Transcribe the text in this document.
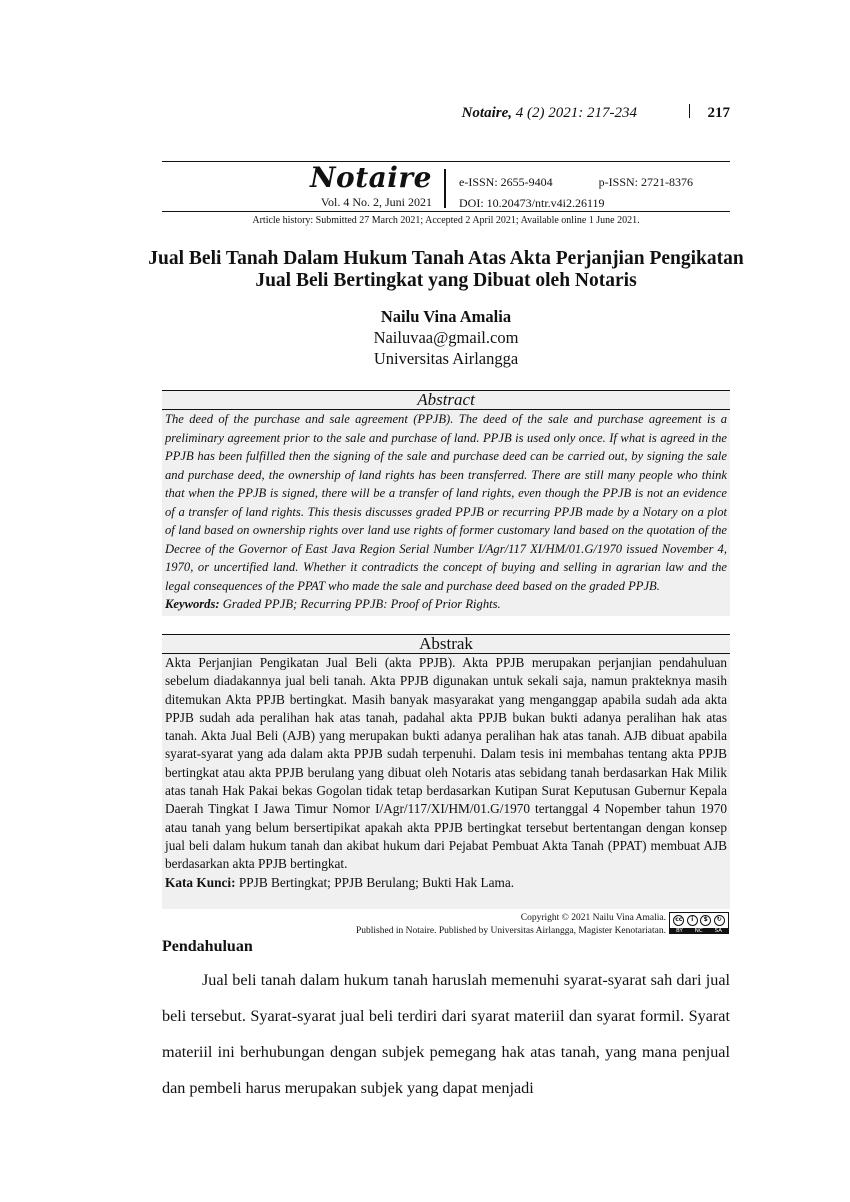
Notaire, 4 (2) 2021: 217-234	217
Notaire
Vol. 4 No. 2, Juni 2021
e-ISSN: 2655-9404	p-ISSN: 2721-8376
DOI: 10.20473/ntr.v4i2.26119
Article history: Submitted 27 March 2021; Accepted 2 April 2021; Available online 1 June 2021.
Jual Beli Tanah Dalam Hukum Tanah Atas Akta Perjanjian Pengikatan Jual Beli Bertingkat yang Dibuat oleh Notaris
Nailu Vina Amalia
Nailuvaa@gmail.com
Universitas Airlangga
Abstract
The deed of the purchase and sale agreement (PPJB). The deed of the sale and purchase agreement is a preliminary agreement prior to the sale and purchase of land. PPJB is used only once. If what is agreed in the PPJB has been fulfilled then the signing of the sale and purchase deed can be carried out, by signing the sale and purchase deed, the ownership of land rights has been transferred. There are still many people who think that when the PPJB is signed, there will be a transfer of land rights, even though the PPJB is not an evidence of a transfer of land rights. This thesis discusses graded PPJB or recurring PPJB made by a Notary on a plot of land based on ownership rights over land use rights of former customary land based on the quotation of the Decree of the Governor of East Java Region Serial Number I/Agr/117 XI/HM/01.G/1970 issued November 4, 1970, or uncertified land. Whether it contradicts the concept of buying and selling in agrarian law and the legal consequences of the PPAT who made the sale and purchase deed based on the graded PPJB.
Keywords: Graded PPJB; Recurring PPJB: Proof of Prior Rights.
Abstrak
Akta Perjanjian Pengikatan Jual Beli (akta PPJB). Akta PPJB merupakan perjanjian pendahuluan sebelum diadakannya jual beli tanah. Akta PPJB digunakan untuk sekali saja, namun prakteknya masih ditemukan Akta PPJB bertingkat. Masih banyak masyarakat yang menganggap apabila sudah ada akta PPJB sudah ada peralihan hak atas tanah, padahal akta PPJB bukan bukti adanya peralihan hak atas tanah. Akta Jual Beli (AJB) yang merupakan bukti adanya peralihan hak atas tanah. AJB dibuat apabila syarat-syarat yang ada dalam akta PPJB sudah terpenuhi. Dalam tesis ini membahas tentang akta PPJB bertingkat atau akta PPJB berulang yang dibuat oleh Notaris atas sebidang tanah berdasarkan Hak Milik atas tanah Hak Pakai bekas Gogolan tidak tetap berdasarkan Kutipan Surat Keputusan Gubernur Kepala Daerah Tingkat I Jawa Timur Nomor I/Agr/117/XI/HM/01.G/1970 tertanggal 4 Nopember tahun 1970 atau tanah yang belum bersertipikat apakah akta PPJB bertingkat tersebut bertentangan dengan konsep jual beli dalam hukum tanah dan akibat hukum dari Pejabat Pembuat Akta Tanah (PPAT) membuat AJB berdasarkan akta PPJB bertingkat.
Kata Kunci: PPJB Bertingkat; PPJB Berulang; Bukti Hak Lama.
Copyright © 2021 Nailu Vina Amalia.
Published in Notaire. Published by Universitas Airlangga, Magister Kenotariatan.
cc	i	$	↻
BY NC SA
Pendahuluan
Jual beli tanah dalam hukum tanah haruslah memenuhi syarat-syarat sah dari jual beli tersebut. Syarat-syarat jual beli terdiri dari syarat materiil dan syarat formil. Syarat materiil ini berhubungan dengan subjek pemegang hak atas tanah, yang mana penjual dan pembeli harus merupakan subjek yang dapat menjadi
